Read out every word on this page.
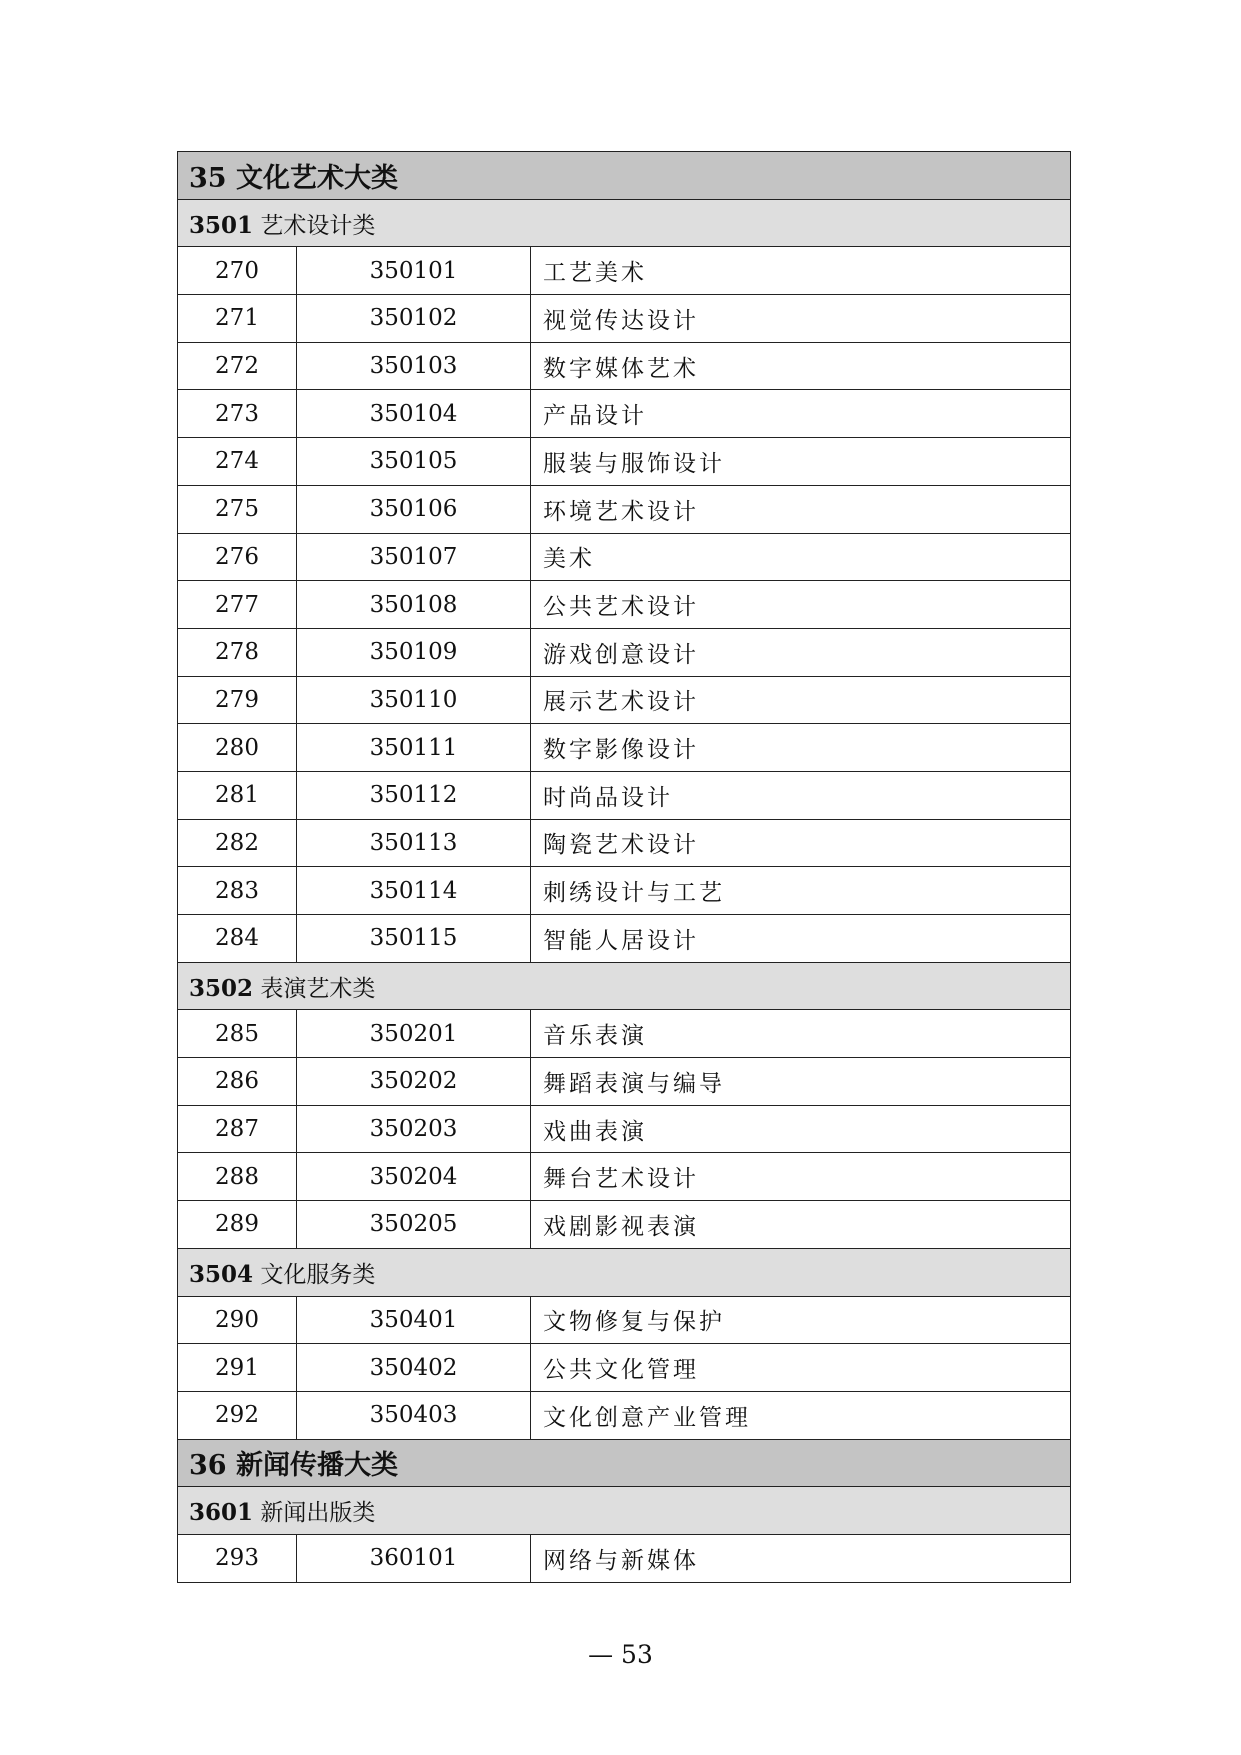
35 文化艺术大类		
3501 艺术设计类		
270	350101	工艺美术
271	350102	视觉传达设计
272	350103	数字媒体艺术
273	350104	产品设计
274	350105	服装与服饰设计
275	350106	环境艺术设计
276	350107	美术
277	350108	公共艺术设计
278	350109	游戏创意设计
279	350110	展示艺术设计
280	350111	数字影像设计
281	350112	时尚品设计
282	350113	陶瓷艺术设计
283	350114	刺绣设计与工艺
284	350115	智能人居设计
3502 表演艺术类		
285	350201	音乐表演
286	350202	舞蹈表演与编导
287	350203	戏曲表演
288	350204	舞台艺术设计
289	350205	戏剧影视表演
3504 文化服务类		
290	350401	文物修复与保护
291	350402	公共文化管理
292	350403	文化创意产业管理
36 新闻传播大类		
3601 新闻出版类		
293	360101	网络与新媒体
— 53
